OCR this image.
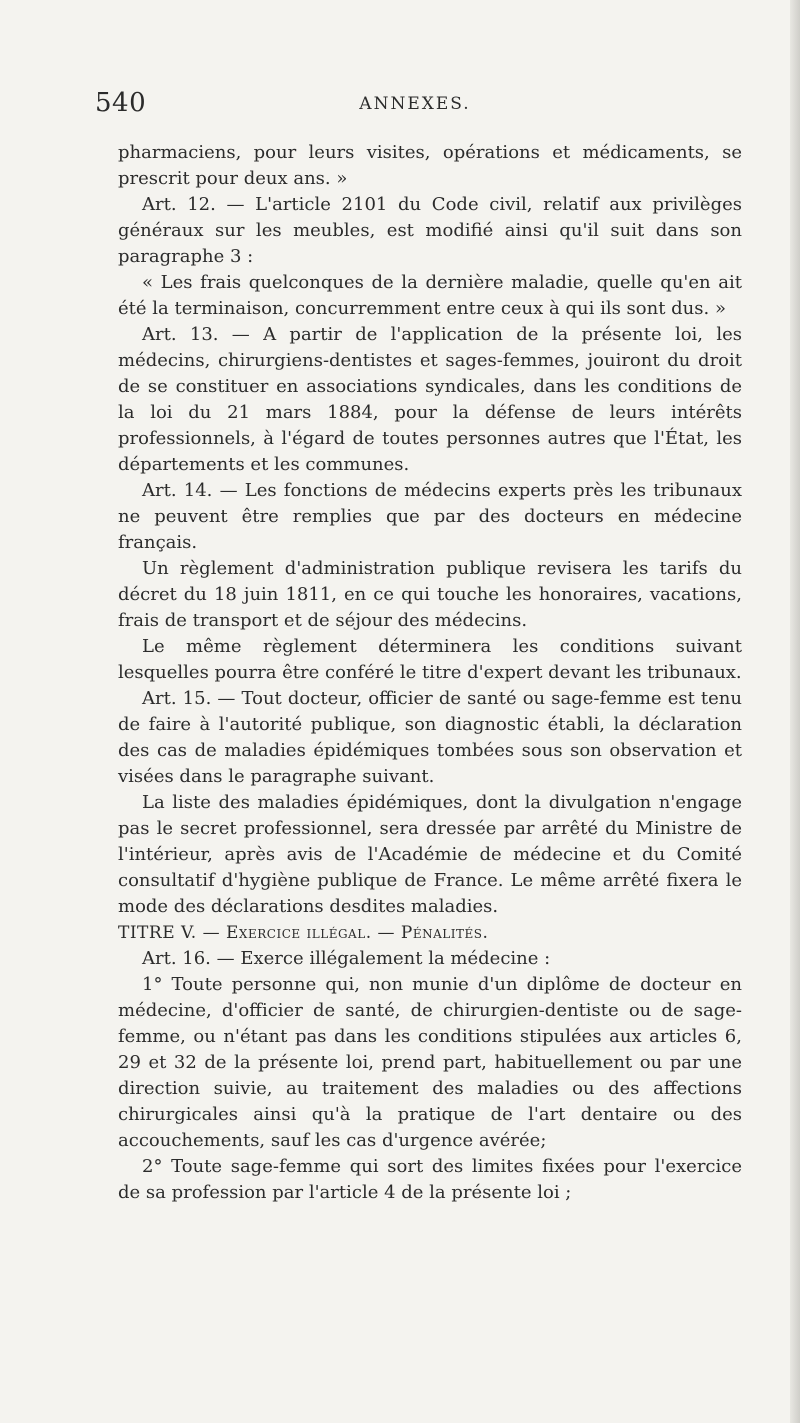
540	ANNEXES.

pharmaciens, pour leurs visites, opérations et médicaments, se prescrit pour deux ans. »

Art. 12. — L'article 2101 du Code civil, relatif aux privilèges généraux sur les meubles, est modifié ainsi qu'il suit dans son paragraphe 3 :

« Les frais quelconques de la dernière maladie, quelle qu'en ait été la terminaison, concurremment entre ceux à qui ils sont dus. »

Art. 13. — A partir de l'application de la présente loi, les médecins, chirurgiens-dentistes et sages-femmes, jouiront du droit de se constituer en associations syndicales, dans les conditions de la loi du 21 mars 1884, pour la défense de leurs intérêts professionnels, à l'égard de toutes personnes autres que l'État, les départements et les communes.

Art. 14. — Les fonctions de médecins experts près les tribunaux ne peuvent être remplies que par des docteurs en médecine français.

Un règlement d'administration publique revisera les tarifs du décret du 18 juin 1811, en ce qui touche les honoraires, vacations, frais de transport et de séjour des médecins.

Le même règlement déterminera les conditions suivant lesquelles pourra être conféré le titre d'expert devant les tribunaux.

Art. 15. — Tout docteur, officier de santé ou sage-femme est tenu de faire à l'autorité publique, son diagnostic établi, la déclaration des cas de maladies épidémiques tombées sous son observation et visées dans le paragraphe suivant.

La liste des maladies épidémiques, dont la divulgation n'engage pas le secret professionnel, sera dressée par arrêté du Ministre de l'intérieur, après avis de l'Académie de médecine et du Comité consultatif d'hygiène publique de France. Le même arrêté fixera le mode des déclarations desdites maladies.

TITRE V. — Exercice illégal. — Pénalités.

Art. 16. — Exerce illégalement la médecine :

1° Toute personne qui, non munie d'un diplôme de docteur en médecine, d'officier de santé, de chirurgien-dentiste ou de sage-femme, ou n'étant pas dans les conditions stipulées aux articles 6, 29 et 32 de la présente loi, prend part, habituellement ou par une direction suivie, au traitement des maladies ou des affections chirurgicales ainsi qu'à la pratique de l'art dentaire ou des accouchements, sauf les cas d'urgence avérée;

2° Toute sage-femme qui sort des limites fixées pour l'exercice de sa profession par l'article 4 de la présente loi ;
